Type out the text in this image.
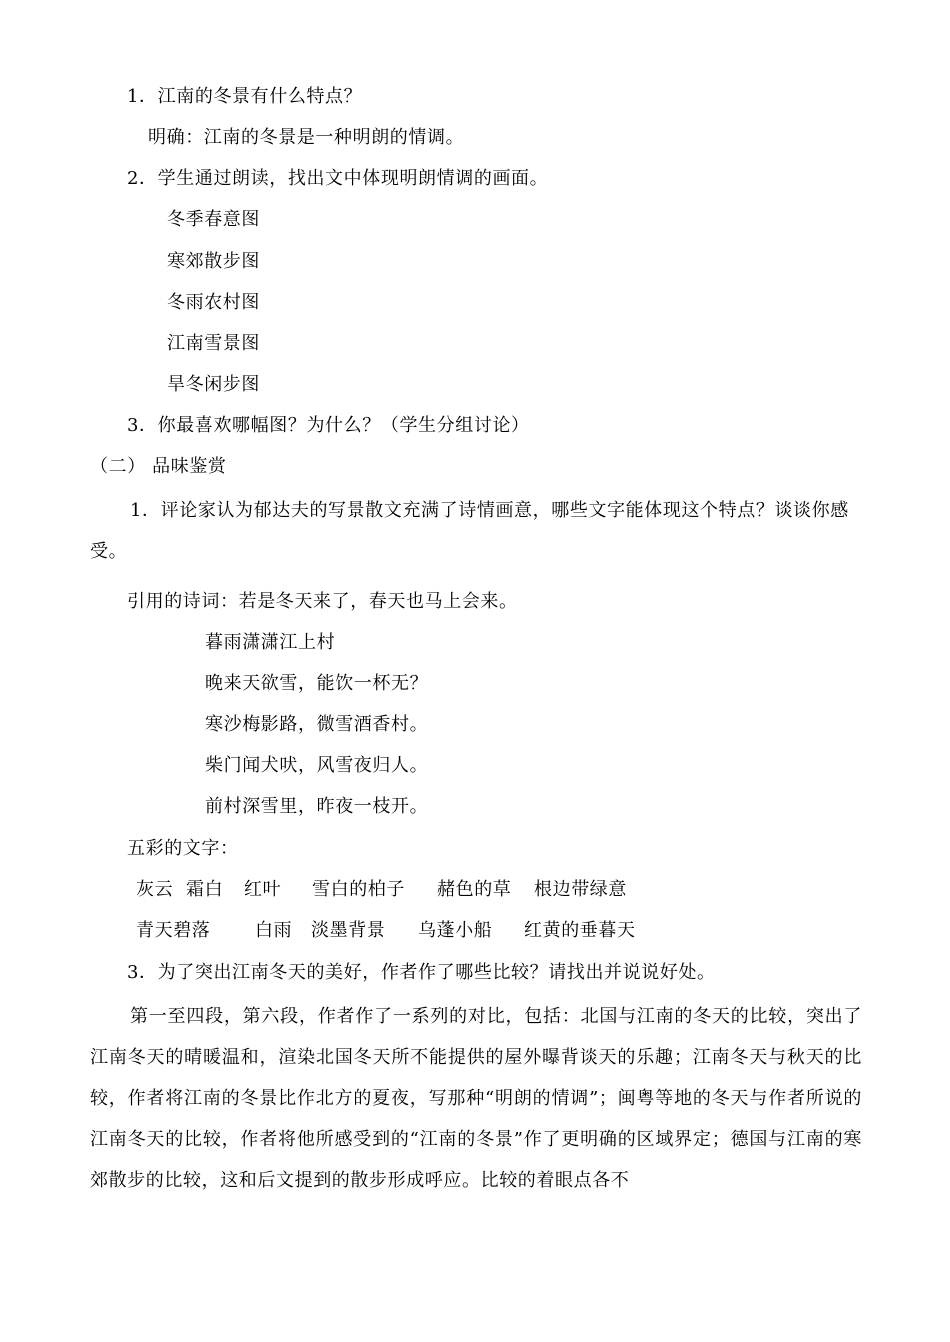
1．江南的冬景有什么特点？
明确：江南的冬景是一种明朗的情调。
2．学生通过朗读，找出文中体现明朗情调的画面。
冬季春意图
寒郊散步图
冬雨农村图
江南雪景图
旱冬闲步图
3．你最喜欢哪幅图？为什么？（学生分组讨论）
（二） 品味鉴赏
1．评论家认为郁达夫的写景散文充满了诗情画意，哪些文字能体现这个特点？谈谈你感受。
引用的诗词：若是冬天来了，春天也马上会来。
暮雨潇潇江上村
晚来天欲雪，能饮一杯无？
寒沙梅影路，微雪酒香村。
柴门闻犬吠，风雪夜归人。
前村深雪里，昨夜一枝开。
五彩的文字：
灰云 霜白 红叶 雪白的柏子 赭色的草 根边带绿意
青天碧落 白雨 淡墨背景 乌蓬小船 红黄的垂暮天
3．为了突出江南冬天的美好，作者作了哪些比较？请找出并说说好处。
第一至四段，第六段，作者作了一系列的对比，包括：北国与江南的冬天的比较，突出了江南冬天的晴暖温和，渲染北国冬天所不能提供的屋外曝背谈天的乐趣；江南冬天与秋天的比较，作者将江南的冬景比作北方的夏夜，写那种“明朗的情调”；闽粤等地的冬天与作者所说的江南冬天的比较，作者将他所感受到的“江南的冬景”作了更明确的区域界定；德国与江南的寒郊散步的比较，这和后文提到的散步形成呼应。比较的着眼点各不
